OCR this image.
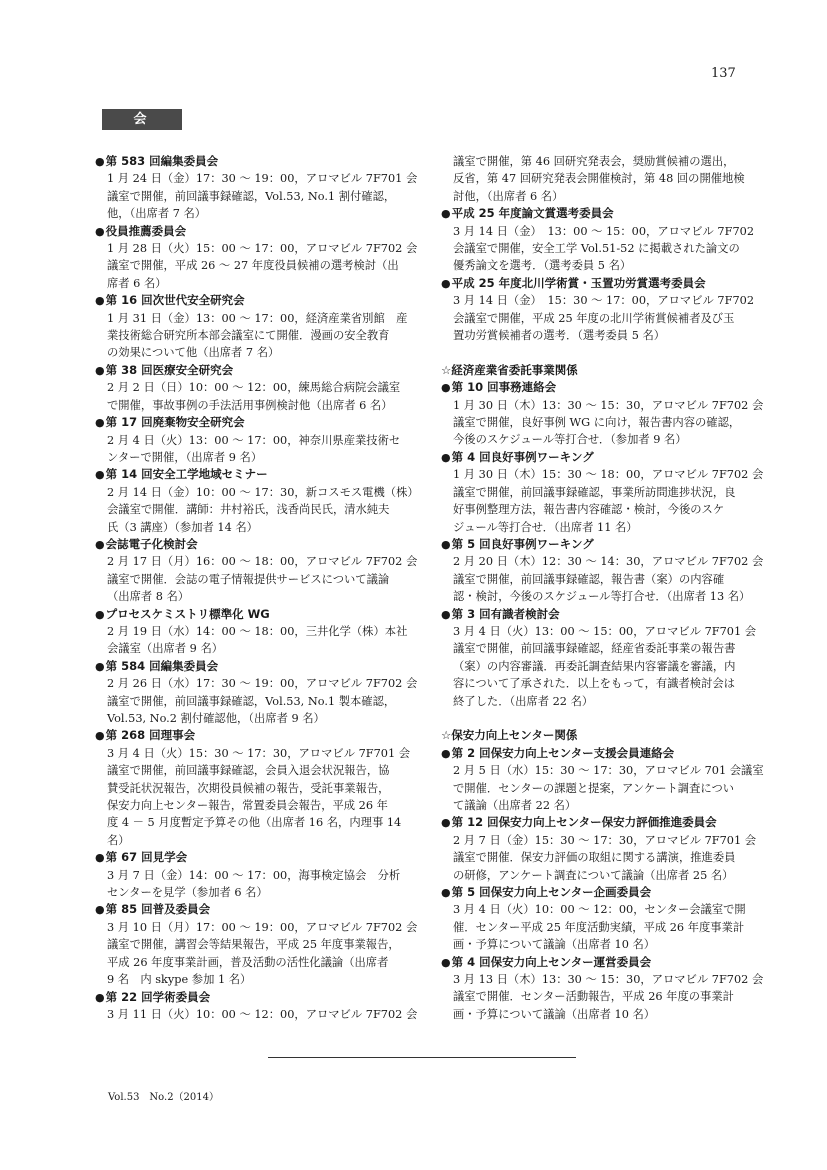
137
会　報
●第 583 回編集委員会
1 月 24 日（金）17：30 ～ 19：00，アロマビル 7F701 会
議室で開催，前回議事録確認，Vol.53, No.1 割付確認，
他，（出席者 7 名）
●役員推薦委員会
1 月 28 日（火）15：00 ～ 17：00，アロマビル 7F702 会
議室で開催，平成 26 ～ 27 年度役員候補の選考検討（出
席者 6 名）
●第 16 回次世代安全研究会
1 月 31 日（金）13：00 ～ 17：00，経済産業省別館　産
業技術総合研究所本部会議室にて開催．漫画の安全教育
の効果について他（出席者 7 名）
●第 38 回医療安全研究会
2 月 2 日（日）10：00 ～ 12：00，練馬総合病院会議室
で開催，事故事例の手法活用事例検討他（出席者 6 名）
●第 17 回廃棄物安全研究会
2 月 4 日（火）13：00 ～ 17：00，神奈川県産業技術セ
ンターで開催，（出席者 9 名）
●第 14 回安全工学地域セミナー
2 月 14 日（金）10：00 ～ 17：30，新コスモス電機（株）
会議室で開催．講師：井村裕氏，浅香尚民氏，清水純夫
氏（3 講座）（参加者 14 名）
●会誌電子化検討会
2 月 17 日（月）16：00 ～ 18：00，アロマビル 7F702 会
議室で開催．会誌の電子情報提供サービスについて議論
（出席者 8 名）
●プロセスケミストリ標準化 WG
2 月 19 日（水）14：00 ～ 18：00，三井化学（株）本社
会議室（出席者 9 名）
●第 584 回編集委員会
2 月 26 日（水）17：30 ～ 19：00，アロマビル 7F702 会
議室で開催，前回議事録確認，Vol.53, No.1 製本確認，
Vol.53, No.2 割付確認他，（出席者 9 名）
●第 268 回理事会
3 月 4 日（火）15：30 ～ 17：30，アロマビル 7F701 会
議室で開催，前回議事録確認，会員入退会状況報告，協
賛受託状況報告，次期役員候補の報告，受託事業報告，
保安力向上センター報告，常置委員会報告，平成 26 年
度 4 － 5 月度暫定予算その他（出席者 16 名，内理事 14
名）
●第 67 回見学会
3 月 7 日（金）14：00 ～ 17：00，海事検定協会　分析
センターを見学（参加者 6 名）
●第 85 回普及委員会
3 月 10 日（月）17：00 ～ 19：00，アロマビル 7F702 会
議室で開催，講習会等結果報告，平成 25 年度事業報告，
平成 26 年度事業計画，普及活動の活性化議論（出席者
9 名　内 skype 参加 1 名）
●第 22 回学術委員会
3 月 11 日（火）10：00 ～ 12：00，アロマビル 7F702 会
議室で開催，第 46 回研究発表会，奨励賞候補の選出，
反省，第 47 回研究発表会開催検討，第 48 回の開催地検
討他，（出席者 6 名）
●平成 25 年度論文賞選考委員会
3 月 14 日（金）　13：00 ～ 15：00，アロマビル 7F702
会議室で開催，安全工学 Vol.51-52 に掲載された論文の
優秀論文を選考．（選考委員 5 名）
●平成 25 年度北川学術賞・玉置功労賞選考委員会
3 月 14 日（金）　15：30 ～ 17：00，アロマビル 7F702
会議室で開催，平成 25 年度の北川学術賞候補者及び玉
置功労賞候補者の選考．（選考委員 5 名）
☆経済産業省委託事業関係
●第 10 回事務連絡会
1 月 30 日（木）13：30 ～ 15：30，アロマビル 7F702 会
議室で開催，良好事例 WG に向け，報告書内容の確認，
今後のスケジュール等打合せ．（参加者 9 名）
●第 4 回良好事例ワーキング
1 月 30 日（木）15：30 ～ 18：00，アロマビル 7F702 会
議室で開催，前回議事録確認，事業所訪問進捗状況，良
好事例整理方法，報告書内容確認・検討，今後のスケ
ジュール等打合せ．（出席者 11 名）
●第 5 回良好事例ワーキング
2 月 20 日（木）12：30 ～ 14：30，アロマビル 7F702 会
議室で開催，前回議事録確認，報告書（案）の内容確
認・検討，今後のスケジュール等打合せ．（出席者 13 名）
●第 3 回有識者検討会
3 月 4 日（火）13：00 ～ 15：00，アロマビル 7F701 会
議室で開催，前回議事録確認，経産省委託事業の報告書
（案）の内容審議．再委託調査結果内容審議を審議，内
容について了承された．以上をもって，有識者検討会は
終了した．（出席者 22 名）
☆保安力向上センター関係
●第 2 回保安力向上センター支援会員連絡会
2 月 5 日（水）15：30 ～ 17：30，アロマビル 701 会議室
で開催．センターの課題と提案，アンケート調査につい
て議論（出席者 22 名）
●第 12 回保安力向上センター保安力評価推進委員会
2 月 7 日（金）15：30 ～ 17：30，アロマビル 7F701 会
議室で開催．保安力評価の取組に関する講演，推進委員
の研修，アンケート調査について議論（出席者 25 名）
●第 5 回保安力向上センター企画委員会
3 月 4 日（火）10：00 ～ 12：00，センター会議室で開
催．センター平成 25 年度活動実績，平成 26 年度事業計
画・予算について議論（出席者 10 名）
●第 4 回保安力向上センター運営委員会
3 月 13 日（木）13：30 ～ 15：30，アロマビル 7F702 会
議室で開催．センター活動報告，平成 26 年度の事業計
画・予算について議論（出席者 10 名）
Vol.53　No.2（2014）
